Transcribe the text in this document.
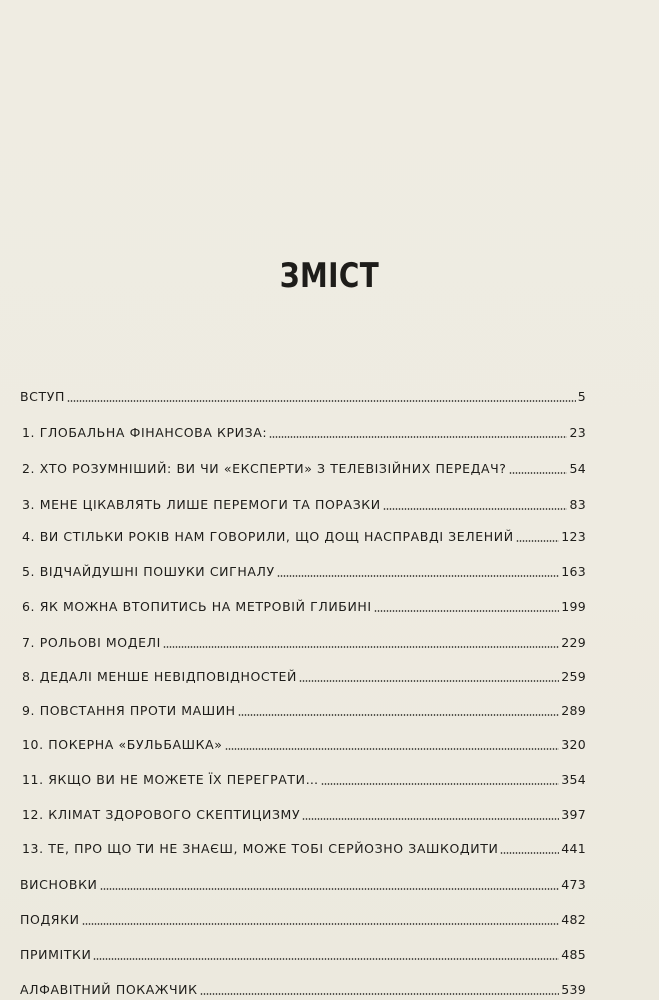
ЗМІСТ
ВСТУП	5
1. ГЛОБАЛЬНА ФІНАНСОВА КРИЗА:	23
2. ХТО РОЗУМНІШИЙ: ВИ ЧИ «ЕКСПЕРТИ» З ТЕЛЕВІЗІЙНИХ ПЕРЕДАЧ?	54
3. МЕНЕ ЦІКАВЛЯТЬ ЛИШЕ ПЕРЕМОГИ ТА ПОРАЗКИ	83
4. ВИ СТІЛЬКИ РОКІВ НАМ ГОВОРИЛИ, ЩО ДОЩ НАСПРАВДІ ЗЕЛЕНИЙ	123
5. ВІДЧАЙДУШНІ ПОШУКИ СИГНАЛУ	163
6. ЯК МОЖНА ВТОПИТИСЬ НА МЕТРОВІЙ ГЛИБИНІ	199
7. РОЛЬОВІ МОДЕЛІ	229
8. ДЕДАЛІ МЕНШЕ НЕВІДПОВІДНОСТЕЙ	259
9. ПОВСТАННЯ ПРОТИ МАШИН	289
10. ПОКЕРНА «БУЛЬБАШКА»	320
11. ЯКЩО ВИ НЕ МОЖЕТЕ ЇХ ПЕРЕГРАТИ…	354
12. КЛІМАТ ЗДОРОВОГО СКЕПТИЦИЗМУ	397
13. ТЕ, ПРО ЩО ТИ НЕ ЗНАЄШ, МОЖЕ ТОБІ СЕРЙОЗНО ЗАШКОДИТИ	441
ВИСНОВКИ	473
ПОДЯКИ	482
ПРИМІТКИ	485
АЛФАВІТНИЙ ПОКАЖЧИК	539
